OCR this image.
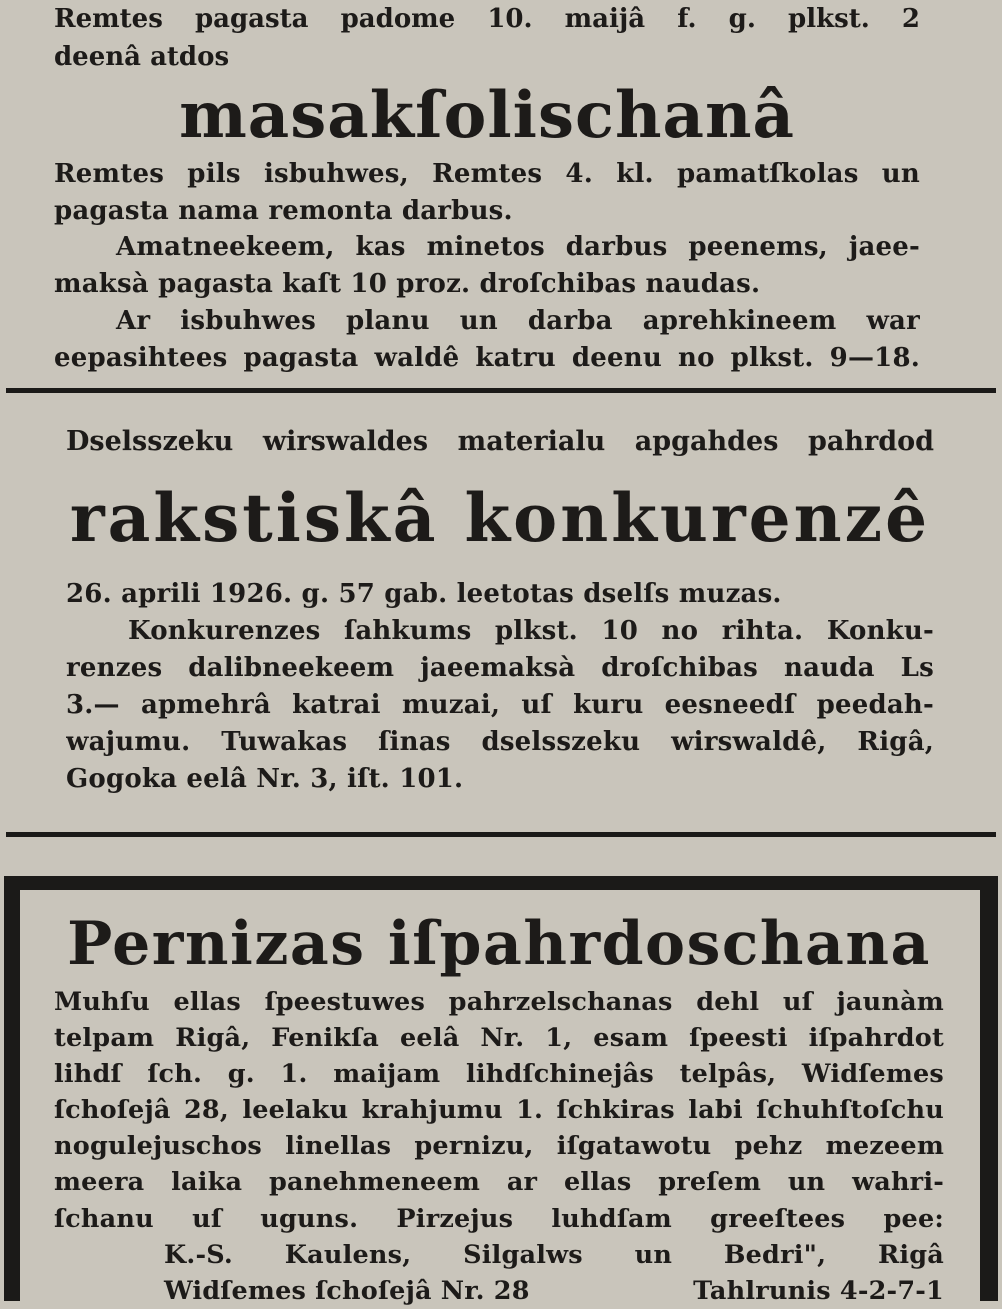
Remtes pagasta padome 10. maijâ f. g. plkst. 2

deenâ atdos

masakſolischanâ

Remtes pils isbuhwes, Remtes 4. kl. pamatſkolas un

pagasta nama remonta darbus.

Amatneekeem, kas minetos darbus peenems, jaee-

maksà pagasta kaſt 10 proz. droſchibas naudas.

Ar isbuhwes planu un darba aprehkineem war

eepasihtees pagasta waldê katru deenu no plkst. 9—18.

Dselsszeku wirswaldes materialu apgahdes pahrdod

rakstiskâ konkurenzê

26. aprili 1926. g. 57 gab. leetotas dselſs muzas.

Konkurenzes ſahkums plkst. 10 no rihta. Konku-

renzes dalibneekeem jaeemaksà droſchibas nauda Ls

3.— apmehrâ katrai muzai, uſ kuru eesneedſ peedah-

wajumu. Tuwakas ſinas dselsszeku wirswaldê, Rigâ,

Gogoka eelâ Nr. 3, iſt. 101.

Pernizas iſpahrdoschana

Muhſu ellas ſpeestuwes pahrzelschanas dehl uſ jaunàm

telpam Rigâ, Fenikſa eelâ Nr. 1, esam ſpeesti iſpahrdot

lihdſ ſch. g. 1. maijam lihdſchinejâs telpâs, Widſemes

ſchoſejâ 28, leelaku krahjumu 1. ſchkiras labi ſchuhſtoſchu

nogulejuschos linellas pernizu, iſgatawotu pehz mezeem

meera laika panehmeneem ar ellas preſem un wahri-

ſchanu uſ uguns. Pirzejus luhdſam greeſtees pee:

K.-S. Kaulens, Silgalws un Bedri", Rigâ

Widſemes ſchoſejâ Nr. 28	Tahlrunis 4-2-7-1
